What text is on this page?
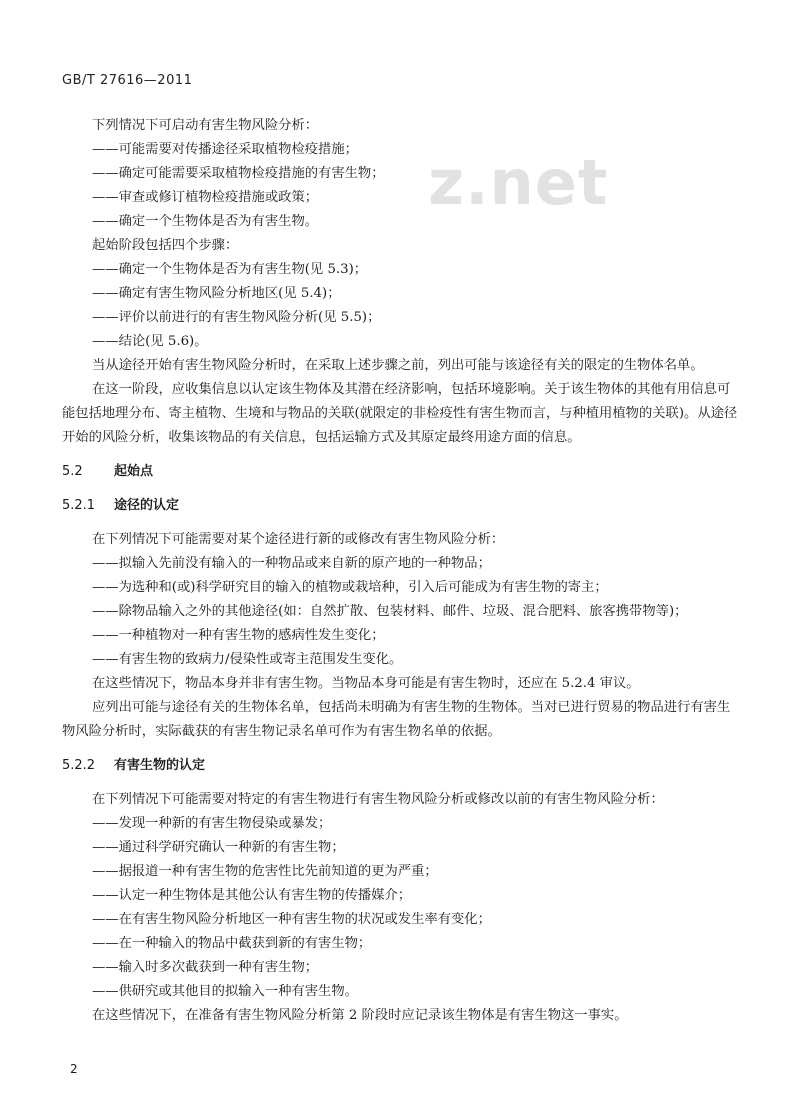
GB/T 27616—2011
z.net
下列情况下可启动有害生物风险分析：
——可能需要对传播途径采取植物检疫措施；
——确定可能需要采取植物检疫措施的有害生物；
——审查或修订植物检疫措施或政策；
——确定一个生物体是否为有害生物。
起始阶段包括四个步骤：
——确定一个生物体是否为有害生物(见 5.3)；
——确定有害生物风险分析地区(见 5.4)；
——评价以前进行的有害生物风险分析(见 5.5)；
——结论(见 5.6)。
当从途径开始有害生物风险分析时，在采取上述步骤之前，列出可能与该途径有关的限定的生物体名单。
在这一阶段，应收集信息以认定该生物体及其潜在经济影响，包括环境影响。关于该生物体的其他有用信息可能包括地理分布、寄主植物、生境和与物品的关联(就限定的非检疫性有害生物而言，与种植用植物的关联)。从途径开始的风险分析，收集该物品的有关信息，包括运输方式及其原定最终用途方面的信息。
5.2 起始点
5.2.1 途径的认定
在下列情况下可能需要对某个途径进行新的或修改有害生物风险分析：
——拟输入先前没有输入的一种物品或来自新的原产地的一种物品；
——为选种和(或)科学研究目的输入的植物或栽培种，引入后可能成为有害生物的寄主；
——除物品输入之外的其他途径(如：自然扩散、包装材料、邮件、垃圾、混合肥料、旅客携带物等)；
——一种植物对一种有害生物的感病性发生变化；
——有害生物的致病力/侵染性或寄主范围发生变化。
在这些情况下，物品本身并非有害生物。当物品本身可能是有害生物时，还应在 5.2.4 审议。
应列出可能与途径有关的生物体名单，包括尚未明确为有害生物的生物体。当对已进行贸易的物品进行有害生物风险分析时，实际截获的有害生物记录名单可作为有害生物名单的依据。
5.2.2 有害生物的认定
在下列情况下可能需要对特定的有害生物进行有害生物风险分析或修改以前的有害生物风险分析：
——发现一种新的有害生物侵染或暴发；
——通过科学研究确认一种新的有害生物；
——据报道一种有害生物的危害性比先前知道的更为严重；
——认定一种生物体是其他公认有害生物的传播媒介；
——在有害生物风险分析地区一种有害生物的状况或发生率有变化；
——在一种输入的物品中截获到新的有害生物；
——输入时多次截获到一种有害生物；
——供研究或其他目的拟输入一种有害生物。
在这些情况下，在准备有害生物风险分析第 2 阶段时应记录该生物体是有害生物这一事实。
2
